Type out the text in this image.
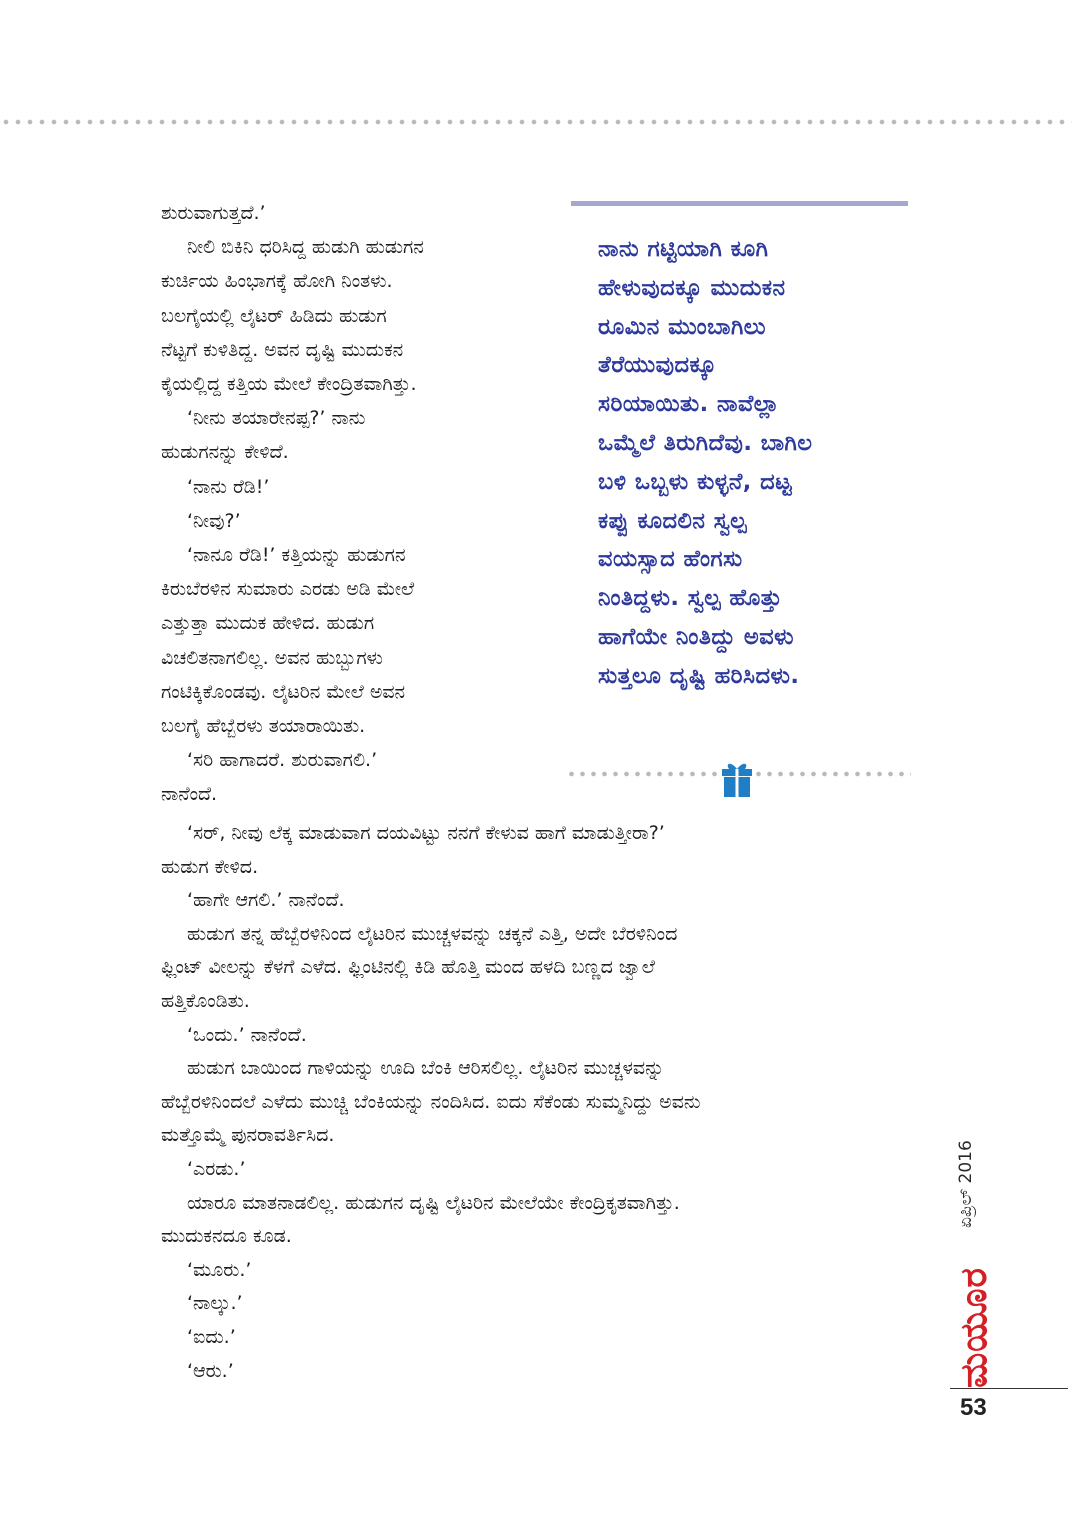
ಶುರುವಾಗುತ್ತದೆ.’

ನೀಲಿ ಬಿಕಿನಿ ಧರಿಸಿದ್ದ ಹುಡುಗಿ ಹುಡುಗನ

ಕುರ್ಚಿಯ ಹಿಂಭಾಗಕ್ಕೆ ಹೋಗಿ ನಿಂತಳು.

ಬಲಗೈಯಲ್ಲಿ ಲೈಟರ್ ಹಿಡಿದು ಹುಡುಗ

ನೆಟ್ಟಗೆ ಕುಳಿತಿದ್ದ. ಅವನ ದೃಷ್ಟಿ ಮುದುಕನ

ಕೈಯಲ್ಲಿದ್ದ ಕತ್ತಿಯ ಮೇಲೆ ಕೇಂದ್ರಿತವಾಗಿತ್ತು.

‘ನೀನು ತಯಾರೇನಪ್ಪ?’ ನಾನು

ಹುಡುಗನನ್ನು ಕೇಳಿದೆ.

‘ನಾನು ರೆಡಿ!’

‘ನೀವು?’

‘ನಾನೂ ರೆಡಿ!’ ಕತ್ತಿಯನ್ನು ಹುಡುಗನ

ಕಿರುಬೆರಳಿನ ಸುಮಾರು ಎರಡು ಅಡಿ ಮೇಲೆ

ಎತ್ತುತ್ತಾ ಮುದುಕ ಹೇಳಿದ. ಹುಡುಗ

ವಿಚಲಿತನಾಗಲಿಲ್ಲ. ಅವನ ಹುಬ್ಬುಗಳು

ಗಂಟಿಕ್ಕಿಕೊಂಡವು. ಲೈಟರಿನ ಮೇಲೆ ಅವನ

ಬಲಗೈ ಹೆಬ್ಬೆರಳು ತಯಾರಾಯಿತು.

‘ಸರಿ ಹಾಗಾದರೆ. ಶುರುವಾಗಲಿ.’

ನಾನೆಂದೆ.

ನಾನು ಗಟ್ಟಿಯಾಗಿ ಕೂಗಿ
ಹೇಳುವುದಕ್ಕೂ ಮುದುಕನ
ರೂಮಿನ ಮುಂಬಾಗಿಲು
ತೆರೆಯುವುದಕ್ಕೂ
ಸರಿಯಾಯಿತು. ನಾವೆಲ್ಲಾ
ಒಮ್ಮೆಲೆ ತಿರುಗಿದೆವು. ಬಾಗಿಲ
ಬಳಿ ಒಬ್ಬಳು ಕುಳ್ಳನೆ, ದಟ್ಟ
ಕಪ್ಪು ಕೂದಲಿನ ಸ್ವಲ್ಪ
ವಯಸ್ಸಾದ ಹೆಂಗಸು
ನಿಂತಿದ್ದಳು. ಸ್ವಲ್ಪ ಹೊತ್ತು
ಹಾಗೆಯೇ ನಿಂತಿದ್ದು ಅವಳು
ಸುತ್ತಲೂ ದೃಷ್ಟಿ ಹರಿಸಿದಳು.

‘ಸರ್, ನೀವು ಲೆಕ್ಕ ಮಾಡುವಾಗ ದಯವಿಟ್ಟು ನನಗೆ ಕೇಳುವ ಹಾಗೆ ಮಾಡುತ್ತೀರಾ?’

ಹುಡುಗ ಕೇಳಿದ.

‘ಹಾಗೇ ಆಗಲಿ.’ ನಾನೆಂದೆ.

ಹುಡುಗ ತನ್ನ ಹೆಬ್ಬೆರಳಿನಿಂದ ಲೈಟರಿನ ಮುಚ್ಚಳವನ್ನು ಚಕ್ಕನೆ ಎತ್ತಿ, ಅದೇ ಬೆರಳಿನಿಂದ

ಫ್ಲಿಂಟ್ ವೀಲನ್ನು ಕೆಳಗೆ ಎಳೆದ. ಫ್ಲಿಂಟಿನಲ್ಲಿ ಕಿಡಿ ಹೊತ್ತಿ ಮಂದ ಹಳದಿ ಬಣ್ಣದ ಜ್ವಾಲೆ

ಹತ್ತಿಕೊಂಡಿತು.

‘ಒಂದು.’ ನಾನೆಂದೆ.

ಹುಡುಗ ಬಾಯಿಂದ ಗಾಳಿಯನ್ನು ಊದಿ ಬೆಂಕಿ ಆರಿಸಲಿಲ್ಲ. ಲೈಟರಿನ ಮುಚ್ಚಳವನ್ನು

ಹೆಬ್ಬೆರಳಿನಿಂದಲೆ ಎಳೆದು ಮುಚ್ಚಿ ಬೆಂಕಿಯನ್ನು ನಂದಿಸಿದ. ಐದು ಸೆಕೆಂಡು ಸುಮ್ಮನಿದ್ದು ಅವನು

ಮತ್ತೊಮ್ಮೆ ಪುನರಾವರ್ತಿಸಿದ.

‘ಎರಡು.’

ಯಾರೂ ಮಾತನಾಡಲಿಲ್ಲ. ಹುಡುಗನ ದೃಷ್ಟಿ ಲೈಟರಿನ ಮೇಲೆಯೇ ಕೇಂದ್ರಿಕೃತವಾಗಿತ್ತು.

ಮುದುಕನದೂ ಕೂಡ.

‘ಮೂರು.’

‘ನಾಲ್ಕು.’

‘ಐದು.’

‘ಆರು.’

ಏಪ್ರಿಲ್ 2016
ಮಯೂರ
53
